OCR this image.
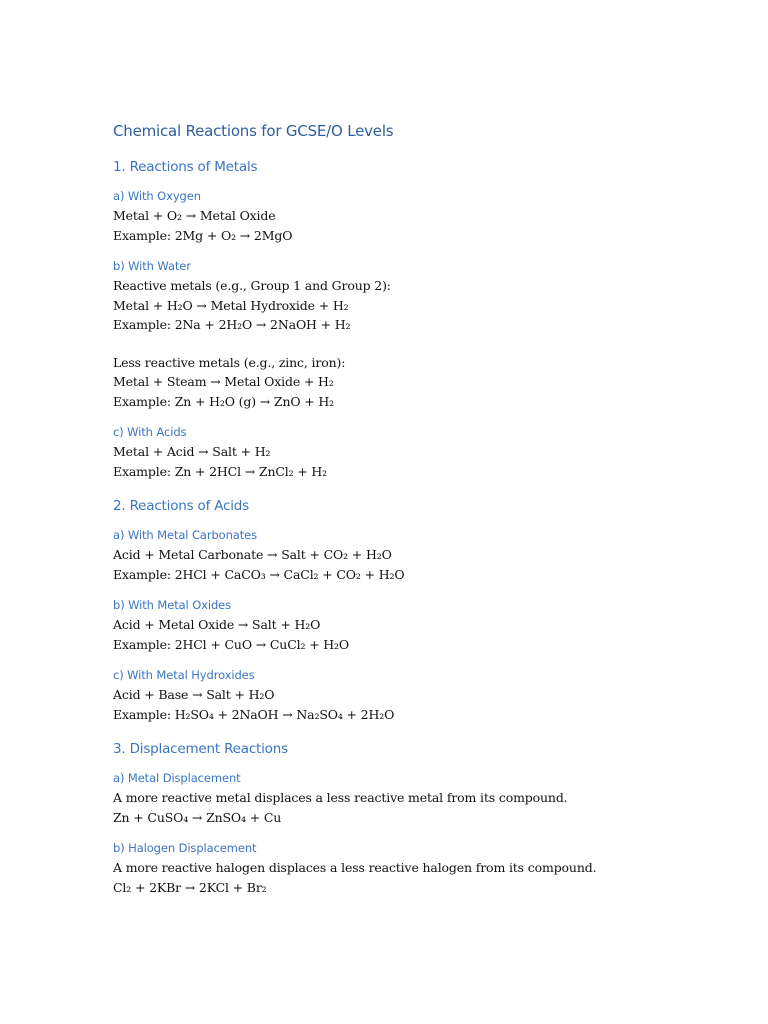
Chemical Reactions for GCSE/O Levels
1. Reactions of Metals
a) With Oxygen
Metal + O₂ → Metal Oxide
Example: 2Mg + O₂ → 2MgO
b) With Water
Reactive metals (e.g., Group 1 and Group 2):
Metal + H₂O → Metal Hydroxide + H₂
Example: 2Na + 2H₂O → 2NaOH + H₂
Less reactive metals (e.g., zinc, iron):
Metal + Steam → Metal Oxide + H₂
Example: Zn + H₂O (g) → ZnO + H₂
c) With Acids
Metal + Acid → Salt + H₂
Example: Zn + 2HCl → ZnCl₂ + H₂
2. Reactions of Acids
a) With Metal Carbonates
Acid + Metal Carbonate → Salt + CO₂ + H₂O
Example: 2HCl + CaCO₃ → CaCl₂ + CO₂ + H₂O
b) With Metal Oxides
Acid + Metal Oxide → Salt + H₂O
Example: 2HCl + CuO → CuCl₂ + H₂O
c) With Metal Hydroxides
Acid + Base → Salt + H₂O
Example: H₂SO₄ + 2NaOH → Na₂SO₄ + 2H₂O
3. Displacement Reactions
a) Metal Displacement
A more reactive metal displaces a less reactive metal from its compound.
Zn + CuSO₄ → ZnSO₄ + Cu
b) Halogen Displacement
A more reactive halogen displaces a less reactive halogen from its compound.
Cl₂ + 2KBr → 2KCl + Br₂
